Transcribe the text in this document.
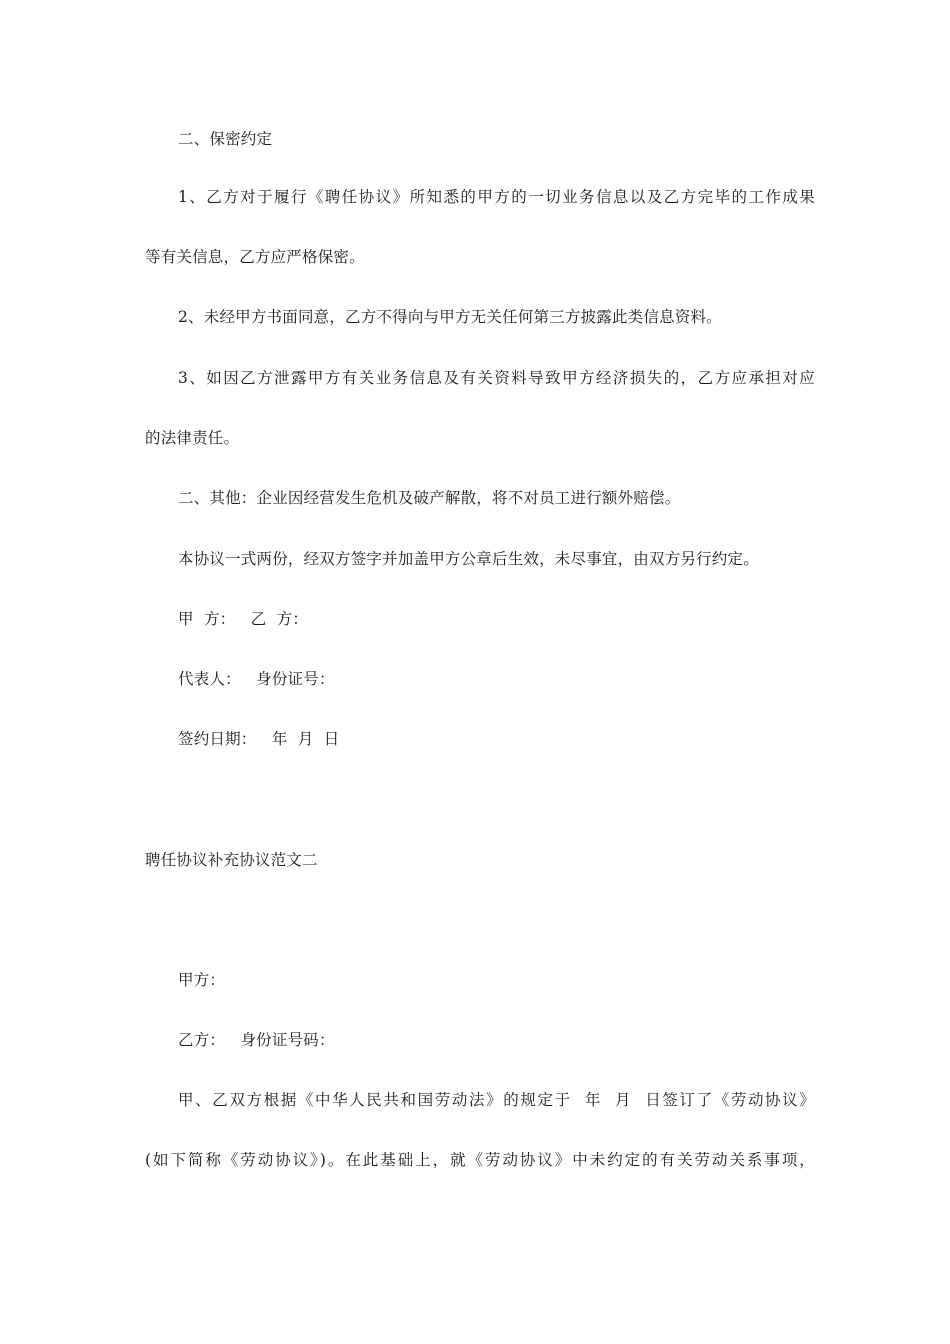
二、保密约定
1、乙方对于履行《聘任协议》所知悉的甲方的一切业务信息以及乙方完毕的工作成果
等有关信息，乙方应严格保密。
2、未经甲方书面同意，乙方不得向与甲方无关任何第三方披露此类信息资料。
3、如因乙方泄露甲方有关业务信息及有关资料导致甲方经济损失的，乙方应承担对应
的法律责任。
二、其他：企业因经营发生危机及破产解散，将不对员工进行额外赔偿。
本协议一式两份，经双方签字并加盖甲方公章后生效，未尽事宜，由双方另行约定。
甲  方：   乙  方：
代表人：   身份证号：
签约日期：   年  月  日
聘任协议补充协议范文二
甲方：
乙方：   身份证号码：
甲、乙双方根据《中华人民共和国劳动法》的规定于  年  月  日签订了《劳动协议》
(如下简称《劳动协议》)。在此基础上，就《劳动协议》中未约定的有关劳动关系事项，
